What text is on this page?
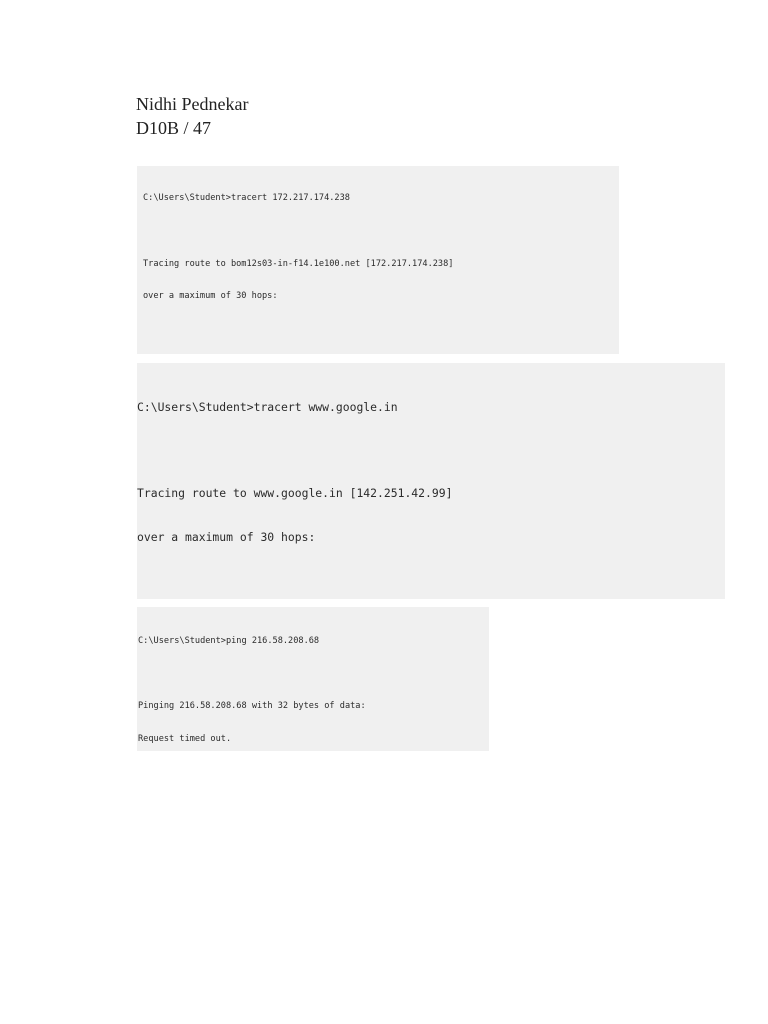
Nidhi Pednekar
D10B / 47

C:\Users\Student>tracert 172.217.174.238

Tracing route to bom12s03-in-f14.1e100.net [172.217.174.238]

over a maximum of 30 hops:

C:\Users\Student>tracert www.google.in

Tracing route to www.google.in [142.251.42.99]

over a maximum of 30 hops:

C:\Users\Student>ping 216.58.208.68

Pinging 216.58.208.68 with 32 bytes of data:

Request timed out.
